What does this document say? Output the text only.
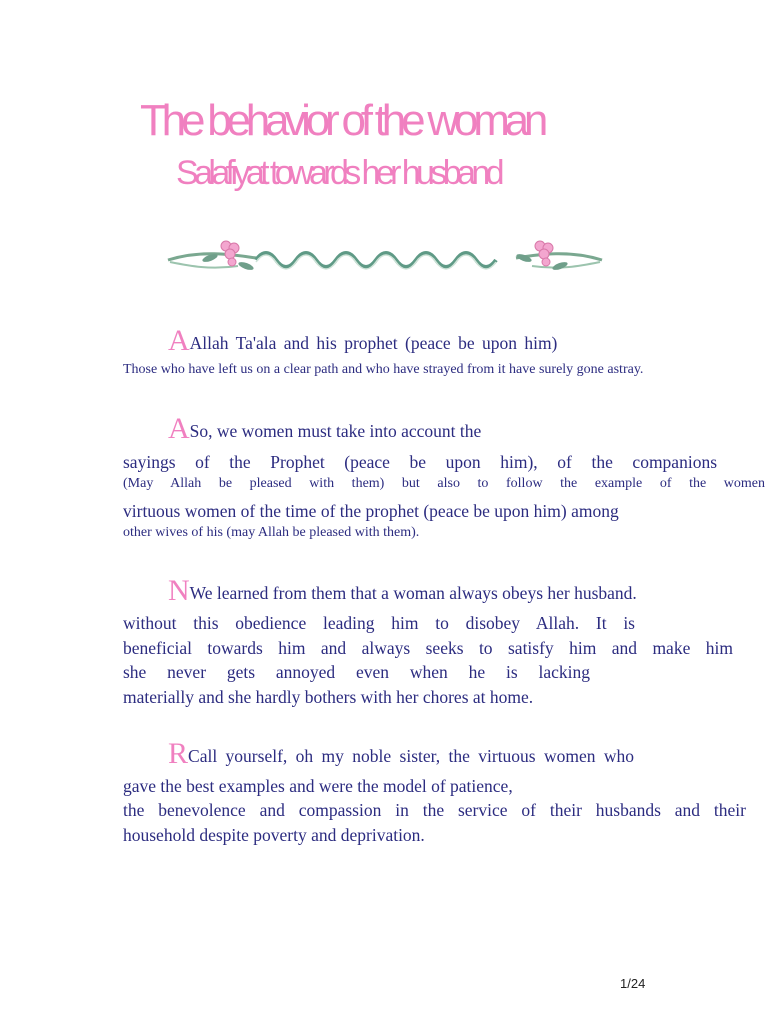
The behavior of the woman
Salafiyat towards her husband

AAllah Ta'ala and his prophet (peace be upon him)

Those who have left us on a clear path and who have strayed from it have surely gone astray.

ASo, we women must take into account the

sayings of the Prophet (peace be upon him), of the companions

(May Allah be pleased with them) but also to follow the example of the women

virtuous women of the time of the prophet (peace be upon him) among

other wives of his (may Allah be pleased with them).

NWe learned from them that a woman always obeys her husband.

without this obedience leading him to disobey Allah. It is

beneficial towards him and always seeks to satisfy him and make him

she never gets annoyed even when he is lacking

materially and she hardly bothers with her chores at home.

RCall yourself, oh my noble sister, the virtuous women who

gave the best examples and were the model of patience,

the benevolence and compassion in the service of their husbands and their

household despite poverty and deprivation.

1/24
